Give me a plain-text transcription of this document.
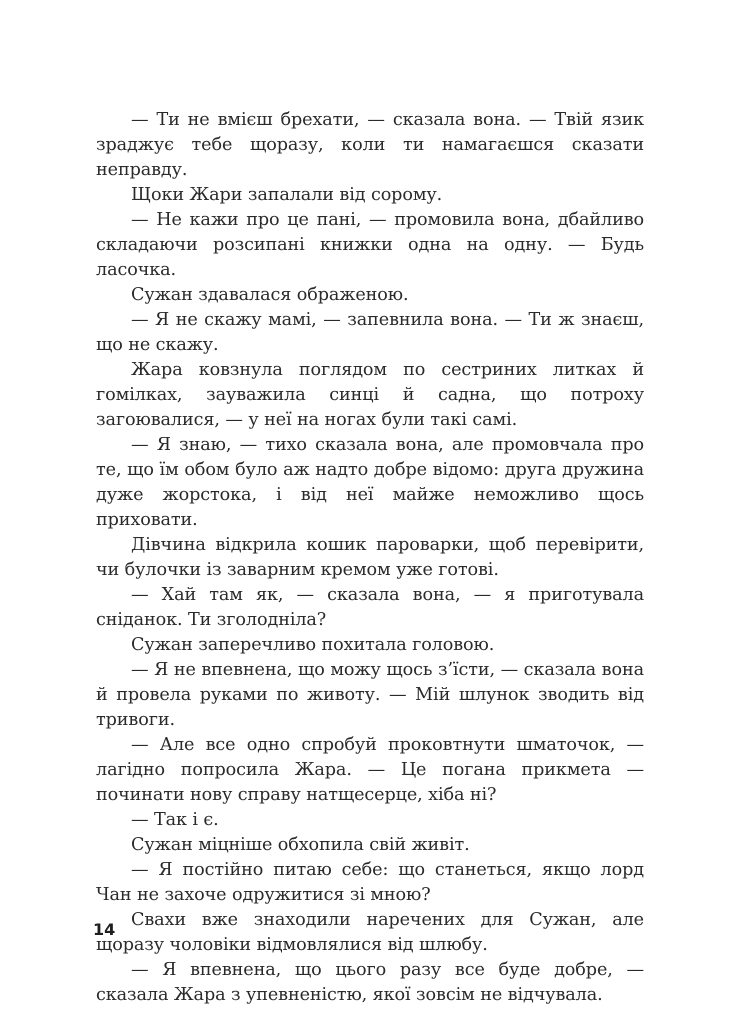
— Ти не вмієш брехати, — сказала вона. — Твій язик зраджує тебе щоразу, коли ти намагаєшся сказати неправду.

Щоки Жари запалали від сорому.

— Не кажи про це пані, — промовила вона, дбайливо складаючи розсипані книжки одна на одну. — Будь ласочка.

Сужан здавалася ображеною.

— Я не скажу мамі, — запевнила вона. — Ти ж знаєш, що не скажу.

Жара ковзнула поглядом по сестриних литках й гомілках, зауважила синці й садна, що потроху загоювалися, — у неї на ногах були такі самі.

— Я знаю, — тихо сказала вона, але промовчала про те, що їм обом було аж надто добре відомо: друга дружина дуже жорстока, і від неї майже неможливо щось приховати.

Дівчина відкрила кошик пароварки, щоб перевірити, чи булочки із заварним кремом уже готові.

— Хай там як, — сказала вона, — я приготувала сніданок. Ти зголодніла?

Сужан заперечливо похитала головою.

— Я не впевнена, що можу щось з’їсти, — сказала вона й провела руками по животу. — Мій шлунок зводить від тривоги.

— Але все одно спробуй проковтнути шматочок, — лагідно попросила Жара. — Це погана прикмета — починати нову справу натщесерце, хіба ні?

— Так і є.

Сужан міцніше обхопила свій живіт.

— Я постійно питаю себе: що станеться, якщо лорд Чан не захоче одружитися зі мною?

Свахи вже знаходили наречених для Сужан, але щоразу чоловіки відмовлялися від шлюбу.

— Я впевнена, що цього разу все буде добре, — сказала Жара з упевненістю, якої зовсім не відчувала.

14
